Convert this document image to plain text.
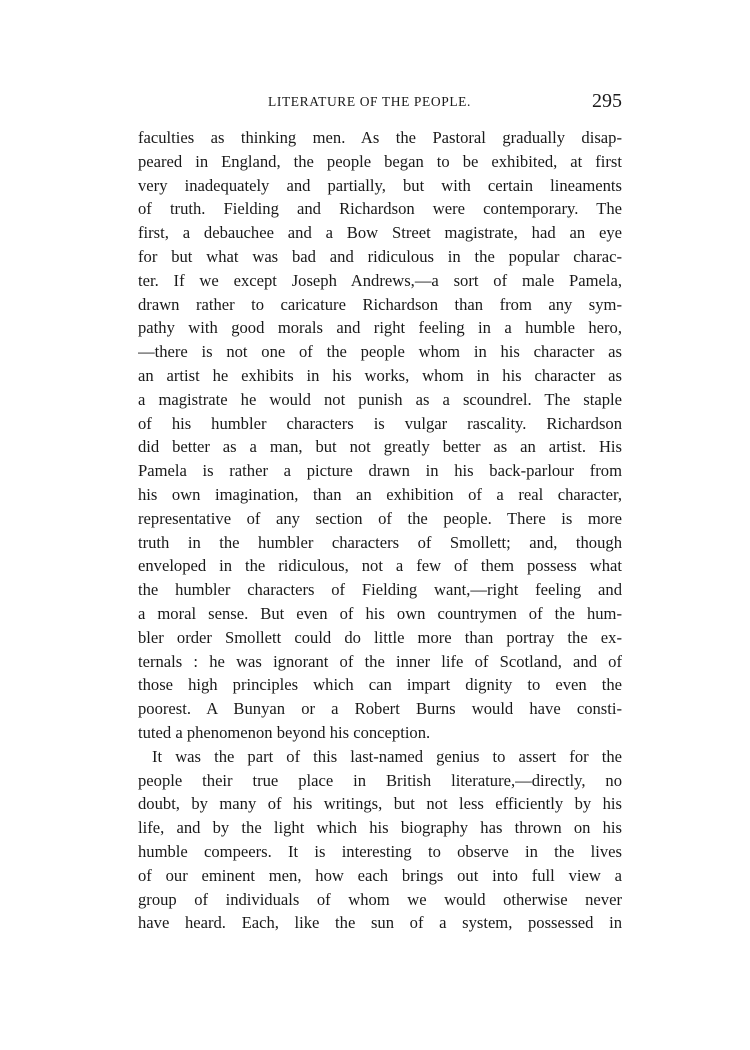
LITERATURE OF THE PEOPLE.	295
faculties as thinking men. As the Pastoral gradually disap-
peared in England, the people began to be exhibited, at first
very inadequately and partially, but with certain lineaments
of truth. Fielding and Richardson were contemporary. The
first, a debauchee and a Bow Street magistrate, had an eye
for but what was bad and ridiculous in the popular charac-
ter. If we except Joseph Andrews,—a sort of male Pamela,
drawn rather to caricature Richardson than from any sym-
pathy with good morals and right feeling in a humble hero,
—there is not one of the people whom in his character as
an artist he exhibits in his works, whom in his character as
a magistrate he would not punish as a scoundrel. The staple
of his humbler characters is vulgar rascality. Richardson
did better as a man, but not greatly better as an artist. His
Pamela is rather a picture drawn in his back-parlour from
his own imagination, than an exhibition of a real character,
representative of any section of the people. There is more
truth in the humbler characters of Smollett; and, though
enveloped in the ridiculous, not a few of them possess what
the humbler characters of Fielding want,—right feeling and
a moral sense. But even of his own countrymen of the hum-
bler order Smollett could do little more than portray the ex-
ternals : he was ignorant of the inner life of Scotland, and of
those high principles which can impart dignity to even the
poorest. A Bunyan or a Robert Burns would have consti-
tuted a phenomenon beyond his conception.
It was the part of this last-named genius to assert for the
people their true place in British literature,—directly, no
doubt, by many of his writings, but not less efficiently by his
life, and by the light which his biography has thrown on his
humble compeers. It is interesting to observe in the lives
of our eminent men, how each brings out into full view a
group of individuals of whom we would otherwise never
have heard. Each, like the sun of a system, possessed in
